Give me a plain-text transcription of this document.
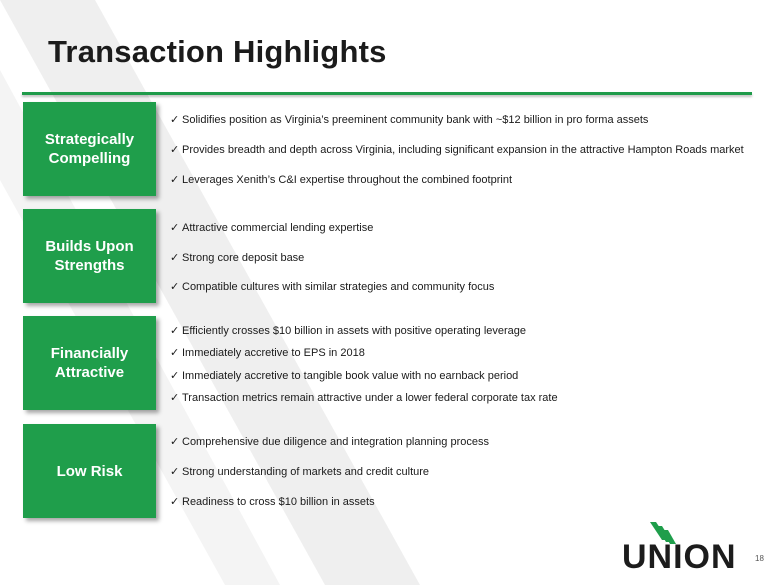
Transaction Highlights
Strategically Compelling
✓ Solidifies position as Virginia’s preeminent community bank with ~$12 billion in pro forma assets
✓ Provides breadth and depth across Virginia, including significant expansion in the attractive Hampton Roads market
✓ Leverages Xenith’s C&I expertise throughout the combined footprint
Builds Upon Strengths
✓ Attractive commercial lending expertise
✓ Strong core deposit base
✓ Compatible cultures with similar strategies and community focus
Financially Attractive
✓ Efficiently crosses $10 billion in assets with positive operating leverage
✓ Immediately accretive to EPS in 2018
✓ Immediately accretive to tangible book value with no earnback period
✓ Transaction metrics remain attractive under a lower federal corporate tax rate
Low Risk
✓ Comprehensive due diligence and integration planning process
✓ Strong understanding of markets and credit culture
✓ Readiness to cross $10 billion in assets
UNION 18
